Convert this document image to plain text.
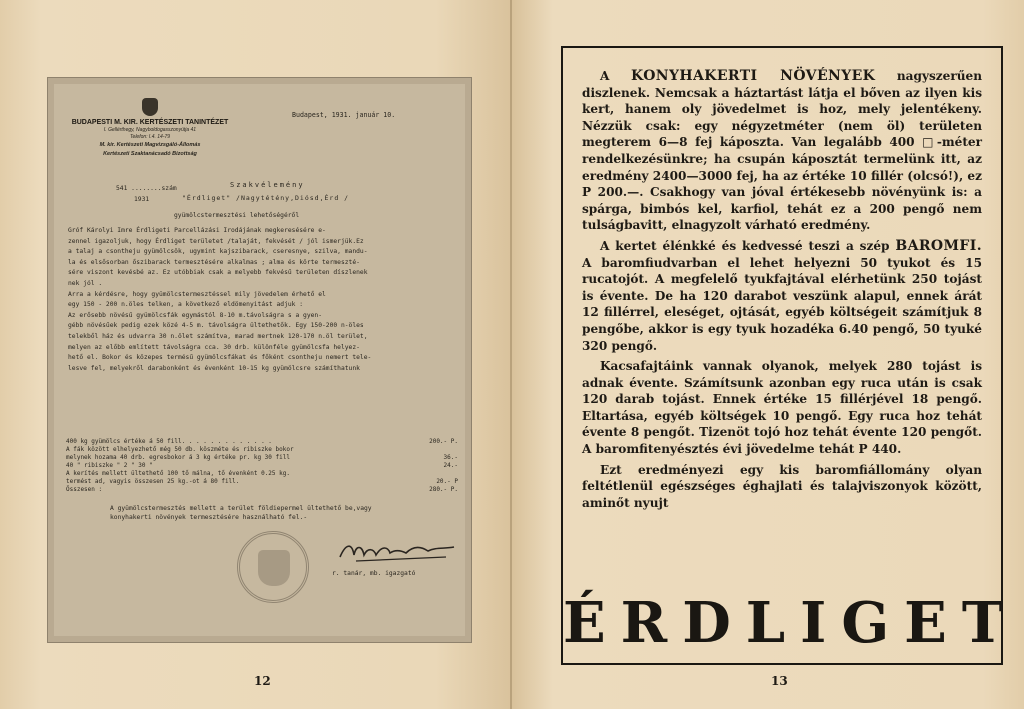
BUDAPESTI M. KIR. KERTÉSZETI TANINTÉZET
I. Gellérthegy, Nagyboldogasszonyútja 41
Telefon: I.4. 14-79
M. kir. Kertészeti Magvizsgáló-Állomás
Kertészeti Szaktanácsadó Bizottság
Budapest, 1931. január 10.
541 ........szám
1931
Szakvélemény
"Érdliget" /Nagytétény,Diósd,Érd /
gyümölcstermesztési lehetőségéről

Gróf Károlyi Imre Érdligeti Parcellázási Irodájának megkeresésére e-

zennel igazoljuk, hogy Érdliget területet /talaját, fekvését / jól ismerjük.Ez

a talaj a csontheju gyümölcsök, ugymint kajszibarack, cseresnye, szilva, mandu-

la és elsősorban őszibarack termesztésére alkalmas ; alma és körte termeszté-

sére viszont kevésbé az. Ez utóbbiak csak a melyebb fekvésű területen díszlenek

nek jól .

Arra a kérdésre, hogy gyümölcstermesztéssel mily jövedelem érhető el

egy 150 - 200 n.öles telken, a következő eldömenyitást adjuk :

Az erősebb növésű gyümölcsfák egymástól 8-10 m.távolságra s a gyen-

gébb növésűek pedig ezek közé 4-5 m. távolságra ültethetők. Egy 150-200 n-öles

telekből ház és udvarra 30 n.ölet számítva, marad mertnek 120-170 n.öl terület,

melyen az előbb említett távolságra cca. 30 drb. különféle gyümölcsfa helyez-

hető el. Bokor és közepes termésű gyümölcsfákat és főként csontheju nemert tele-

lesve fel, melyekről darabonként és évenként 10-15 kg gyümölcsre számíthatunk

400 kg gyümölcs értéke á 50 fill. . . . . . . . . . . . .	200.- P.
A fák között elhelyezhető még 50 db. köszméte és ribiszke bokor
melynek hozama 40 drb. egresbokor á 3 kg értéke pr. kg 30 fill	36.-
40 " ribiszke " 2 " 30 "	24.-
A kerítés mellett ültethető 100 tő málna, tő évenként 0.25 kg.
termést ad, vagyis összesen 25 kg.-ot á 80 fill.	20.- P
Összesen :	280.- P.

A gyümölcstermesztés mellett a terület földiepermel ültethető be,vagy

konyhakerti növények termesztésére használható fel.-

r. tanár, mb. igazgató
12

A KONYHAKERTI NÖVÉNYEK nagyszerűen diszlenek. Nemcsak a háztartást látja el bőven az ilyen kis kert, hanem oly jövedelmet is hoz, mely jelentékeny. Nézzük csak: egy négyzetméter (nem öl) területen megterem 6—8 fej káposzta. Van legalább 400 □-méter rendelkezésünkre; ha csupán káposztát termelünk itt, az eredmény 2400—3000 fej, ha az értéke 10 fillér (olcsó!), ez P 200.—. Csakhogy van jóval értékesebb növényünk is: a spárga, bimbós kel, karfiol, tehát ez a 200 pengő nem tulságbavitt, elnagyzolt várható eredmény.

A kertet élénkké és kedvessé teszi a szép BAROMFI. A baromfiudvarban el lehet helyezni 50 tyukot és 15 rucatojót. A megfelelő tyukfajtával elérhetünk 250 tojást is évente. De ha 120 darabot veszünk alapul, ennek árát 12 fillérrel, eleséget, ojtását, egyéb költségeit számítjuk 8 pengőbe, akkor is egy tyuk hozadéka 6.40 pengő, 50 tyuké 320 pengő.

Kacsafajtáink vannak olyanok, melyek 280 tojást is adnak évente. Számítsunk azonban egy ruca után is csak 120 darab tojást. Ennek értéke 15 fillérjével 18 pengő. Eltartása, egyéb költségek 10 pengő. Egy ruca hoz tehát évente 8 pengőt. Tizenöt tojó hoz tehát évente 120 pengőt. A baromfitenyésztés évi jövedelme tehát P 440.

Ezt eredményezi egy kis baromfiállomány olyan feltétlenül egészséges éghajlati és talajviszonyok között, aminőt nyujt

ÉRDLIGET
13
